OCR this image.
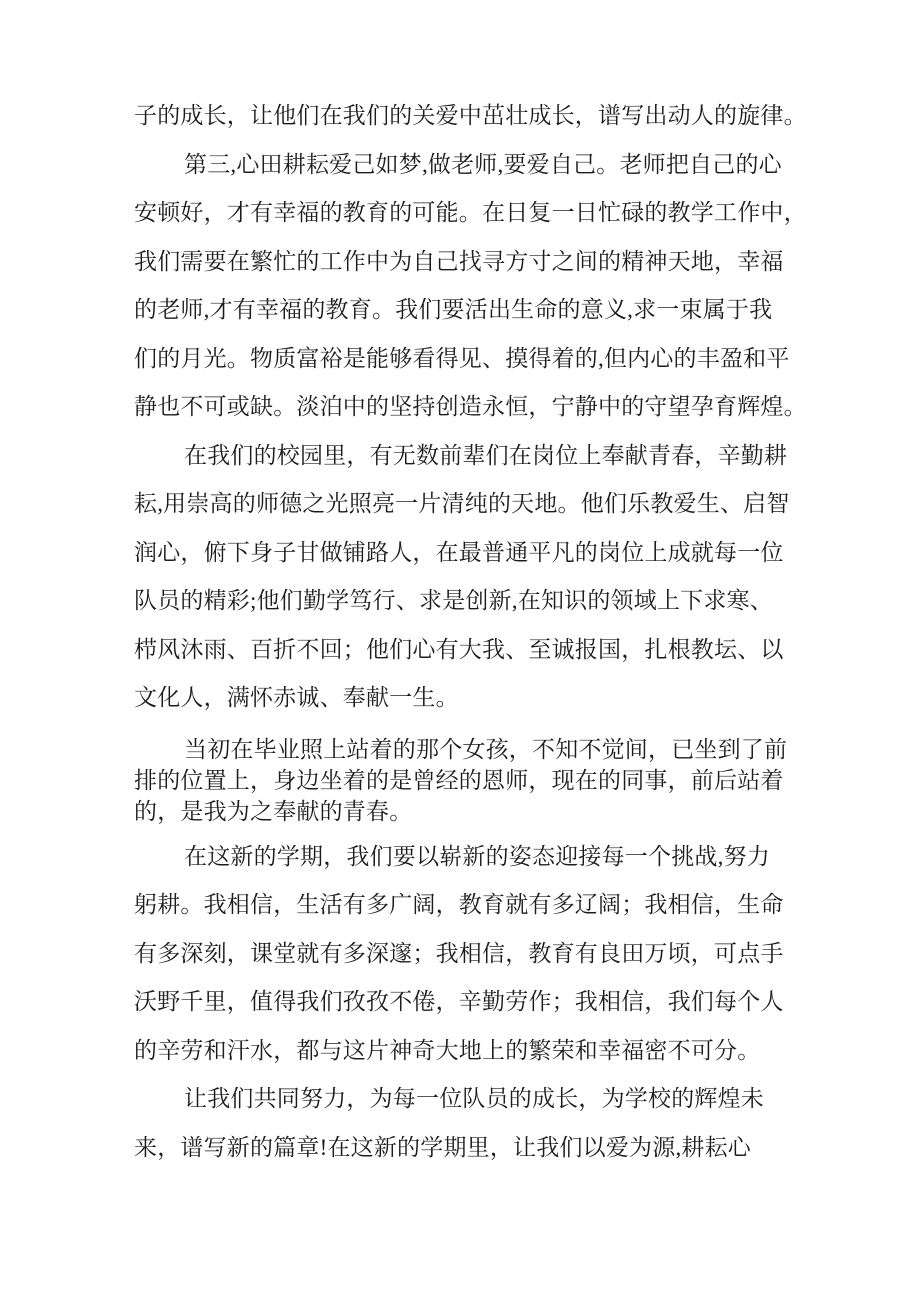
子的成长，让他们在我们的关爱中茁壮成长，谱写出动人的旋律。
第三,心田耕耘爱己如梦,做老师,要爱自己。老师把自己的心
安顿好，才有幸福的教育的可能。在日复一日忙碌的教学工作中，
我们需要在繁忙的工作中为自己找寻方寸之间的精神天地，幸福
的老师,才有幸福的教育。我们要活出生命的意义,求一束属于我
们的月光。物质富裕是能够看得见、摸得着的,但内心的丰盈和平
静也不可或缺。淡泊中的坚持创造永恒，宁静中的守望孕育辉煌。
在我们的校园里，有无数前辈们在岗位上奉献青春，辛勤耕
耘,用崇高的师德之光照亮一片清纯的天地。他们乐教爱生、启智
润心，俯下身子甘做铺路人，在最普通平凡的岗位上成就每一位
队员的精彩;他们勤学笃行、求是创新,在知识的领域上下求寒、
栉风沐雨、百折不回；他们心有大我、至诚报国，扎根教坛、以
文化人，满怀赤诚、奉献一生。
当初在毕业照上站着的那个女孩，不知不觉间，已坐到了前
排的位置上，身边坐着的是曾经的恩师，现在的同事，前后站着
的，是我为之奉献的青春。
在这新的学期，我们要以崭新的姿态迎接每一个挑战,努力
躬耕。我相信，生活有多广阔，教育就有多辽阔；我相信，生命
有多深刻，课堂就有多深邃；我相信，教育有良田万顷，可点手
沃野千里，值得我们孜孜不倦，辛勤劳作；我相信，我们每个人
的辛劳和汗水，都与这片神奇大地上的繁荣和幸福密不可分。
让我们共同努力，为每一位队员的成长，为学校的辉煌未
来，谱写新的篇章!在这新的学期里，让我们以爱为源,耕耘心
